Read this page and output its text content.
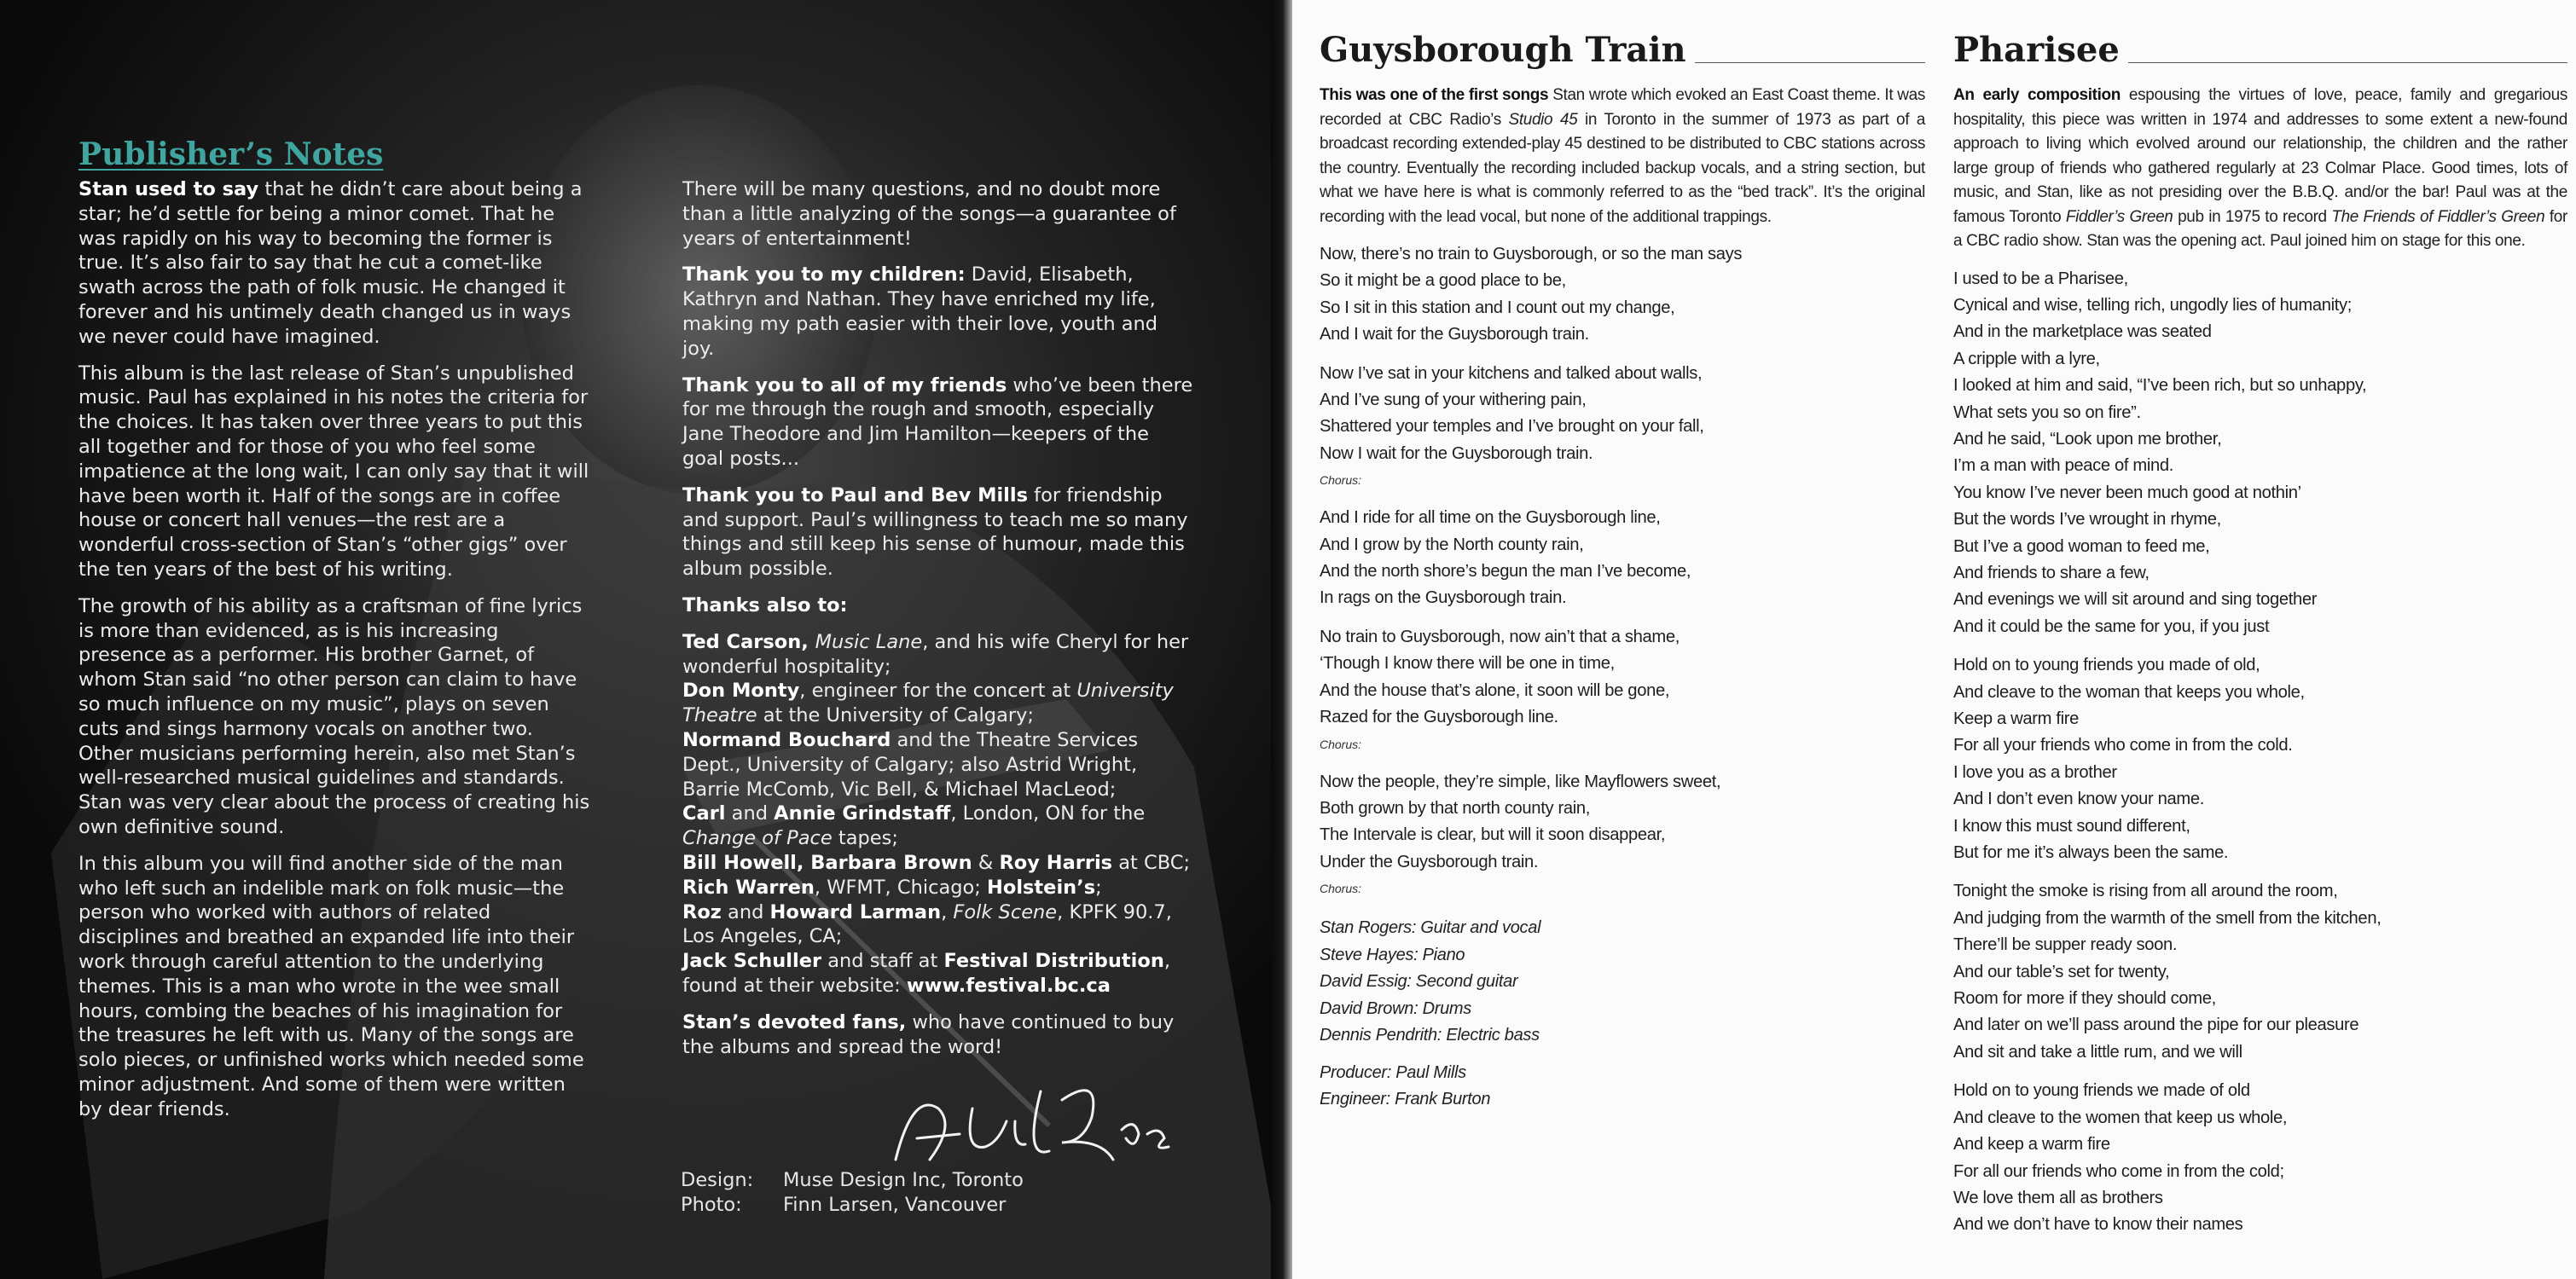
Publisher’s Notes

Stan used to say that he didn’t care about being a star; he’d settle for being a minor comet. That he was rapidly on his way to becoming the former is true. It’s also fair to say that he cut a comet-like swath across the path of folk music. He changed it forever and his untimely death changed us in ways we never could have imagined.

This album is the last release of Stan’s unpublished music. Paul has explained in his notes the criteria for the choices. It has taken over three years to put this all together and for those of you who feel some impatience at the long wait, I can only say that it will have been worth it. Half of the songs are in coffee house or concert hall venues—the rest are a wonderful cross-section of Stan’s “other gigs” over the ten years of the best of his writing.

The growth of his ability as a craftsman of fine lyrics is more than evidenced, as is his increasing presence as a performer. His brother Garnet, of whom Stan said “no other person can claim to have so much influence on my music”, plays on seven cuts and sings harmony vocals on another two. Other musicians performing herein, also met Stan’s well-researched musical guidelines and standards. Stan was very clear about the process of creating his own definitive sound.

In this album you will find another side of the man who left such an indelible mark on folk music—the person who worked with authors of related disciplines and breathed an expanded life into their work through careful attention to the underlying themes. This is a man who wrote in the wee small hours, combing the beaches of his imagination for the treasures he left with us. Many of the songs are solo pieces, or unfinished works which needed some minor adjustment. And some of them were written by dear friends.

There will be many questions, and no doubt more than a little analyzing of the songs—a guarantee of years of entertainment!

Thank you to my children: David, Elisabeth, Kathryn and Nathan. They have enriched my life, making my path easier with their love, youth and joy.

Thank you to all of my friends who’ve been there for me through the rough and smooth, especially Jane Theodore and Jim Hamilton—keepers of the goal posts...

Thank you to Paul and Bev Mills for friendship and support. Paul’s willingness to teach me so many things and still keep his sense of humour, made this album possible.

Thanks also to:

Ted Carson, Music Lane, and his wife Cheryl for her wonderful hospitality;
Don Monty, engineer for the concert at University Theatre at the University of Calgary;
Normand Bouchard and the Theatre Services Dept., University of Calgary; also Astrid Wright, Barrie McComb, Vic Bell, & Michael MacLeod;
Carl and Annie Grindstaff, London, ON for the Change of Pace tapes;
Bill Howell, Barbara Brown & Roy Harris at CBC;
Rich Warren, WFMT, Chicago; Holstein’s;
Roz and Howard Larman, Folk Scene, KPFK 90.7, Los Angeles, CA;
Jack Schuller and staff at Festival Distribution, found at their website: www.festival.bc.ca

Stan’s devoted fans, who have continued to buy the albums and spread the word!

Design:	Muse Design Inc, Toronto
Photo:	Finn Larsen, Vancouver
Guysborough Train
This was one of the first songs Stan wrote which evoked an East Coast theme. It was recorded at CBC Radio’s Studio 45 in Toronto in the summer of 1973 as part of a broadcast recording extended-play 45 destined to be distributed to CBC stations across the country. Eventually the recording included backup vocals, and a string section, but what we have here is what is commonly referred to as the “bed track”. It’s the original recording with the lead vocal, but none of the additional trappings.
Now, there’s no train to Guysborough, or so the man says
So it might be a good place to be,
So I sit in this station and I count out my change,
And I wait for the Guysborough train.
Now I’ve sat in your kitchens and talked about walls,
And I’ve sung of your withering pain,
Shattered your temples and I’ve brought on your fall,
Now I wait for the Guysborough train.
Chorus:
And I ride for all time on the Guysborough line,
And I grow by the North county rain,
And the north shore’s begun the man I’ve become,
In rags on the Guysborough train.
No train to Guysborough, now ain’t that a shame,
‘Though I know there will be one in time,
And the house that’s alone, it soon will be gone,
Razed for the Guysborough line.
Chorus:
Now the people, they’re simple, like Mayflowers sweet,
Both grown by that north county rain,
The Intervale is clear, but will it soon disappear,
Under the Guysborough train.
Chorus:
Stan Rogers: Guitar and vocal
Steve Hayes: Piano
David Essig: Second guitar
David Brown: Drums
Dennis Pendrith: Electric bass
Producer: Paul Mills
Engineer: Frank Burton
Pharisee
An early composition espousing the virtues of love, peace, family and gregarious hospitality, this piece was written in 1974 and addresses to some extent a new-found approach to living which evolved around our relationship, the children and the rather large group of friends who gathered regularly at 23 Colmar Place. Good times, lots of music, and Stan, like as not presiding over the B.B.Q. and/or the bar! Paul was at the famous Toronto Fiddler’s Green pub in 1975 to record The Friends of Fiddler’s Green for a CBC radio show. Stan was the opening act. Paul joined him on stage for this one.
I used to be a Pharisee,
Cynical and wise, telling rich, ungodly lies of humanity;
And in the marketplace was seated
A cripple with a lyre,
I looked at him and said, “I’ve been rich, but so unhappy,
What sets you so on fire”.
And he said, “Look upon me brother,
I’m a man with peace of mind.
You know I’ve never been much good at nothin’
But the words I’ve wrought in rhyme,
But I’ve a good woman to feed me,
And friends to share a few,
And evenings we will sit around and sing together
And it could be the same for you, if you just
Hold on to young friends you made of old,
And cleave to the woman that keeps you whole,
Keep a warm fire
For all your friends who come in from the cold.
I love you as a brother
And I don’t even know your name.
I know this must sound different,
But for me it’s always been the same.
Tonight the smoke is rising from all around the room,
And judging from the warmth of the smell from the kitchen,
There’ll be supper ready soon.
And our table’s set for twenty,
Room for more if they should come,
And later on we’ll pass around the pipe for our pleasure
And sit and take a little rum, and we will
Hold on to young friends we made of old
And cleave to the women that keep us whole,
And keep a warm fire
For all our friends who come in from the cold;
We love them all as brothers
And we don’t have to know their names
